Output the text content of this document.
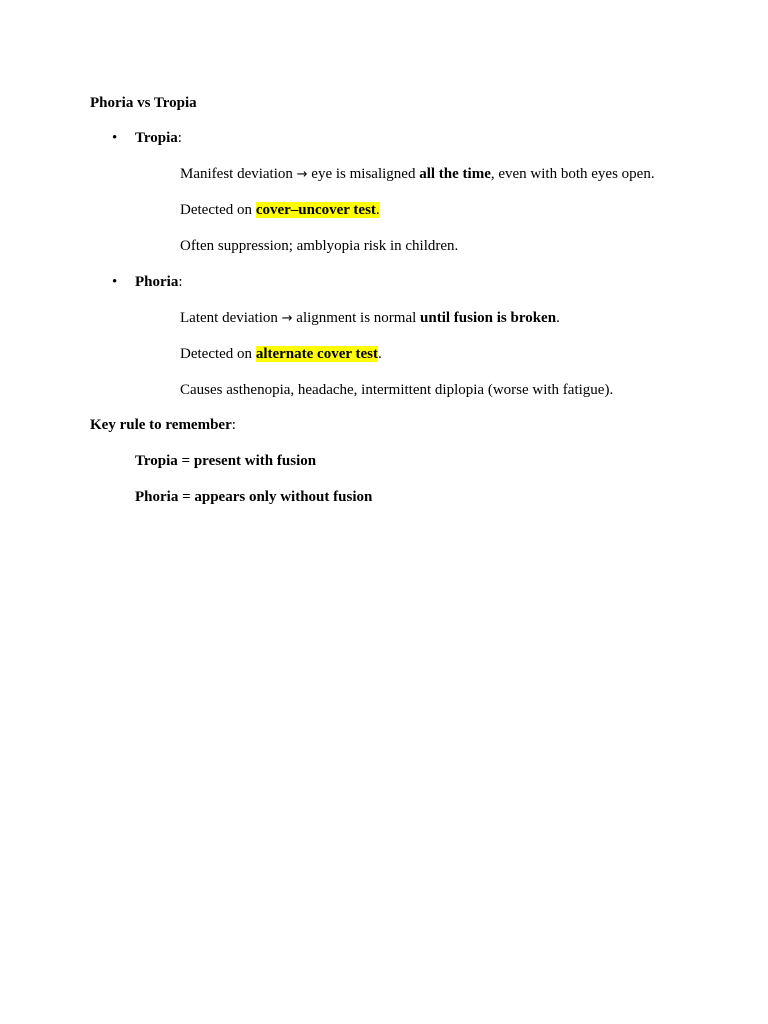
Phoria vs Tropia
• Tropia:
Manifest deviation → eye is misaligned all the time, even with both eyes open.
Detected on cover–uncover test.
Often suppression; amblyopia risk in children.
• Phoria:
Latent deviation → alignment is normal until fusion is broken.
Detected on alternate cover test.
Causes asthenopia, headache, intermittent diplopia (worse with fatigue).
Key rule to remember:
Tropia = present with fusion
Phoria = appears only without fusion
